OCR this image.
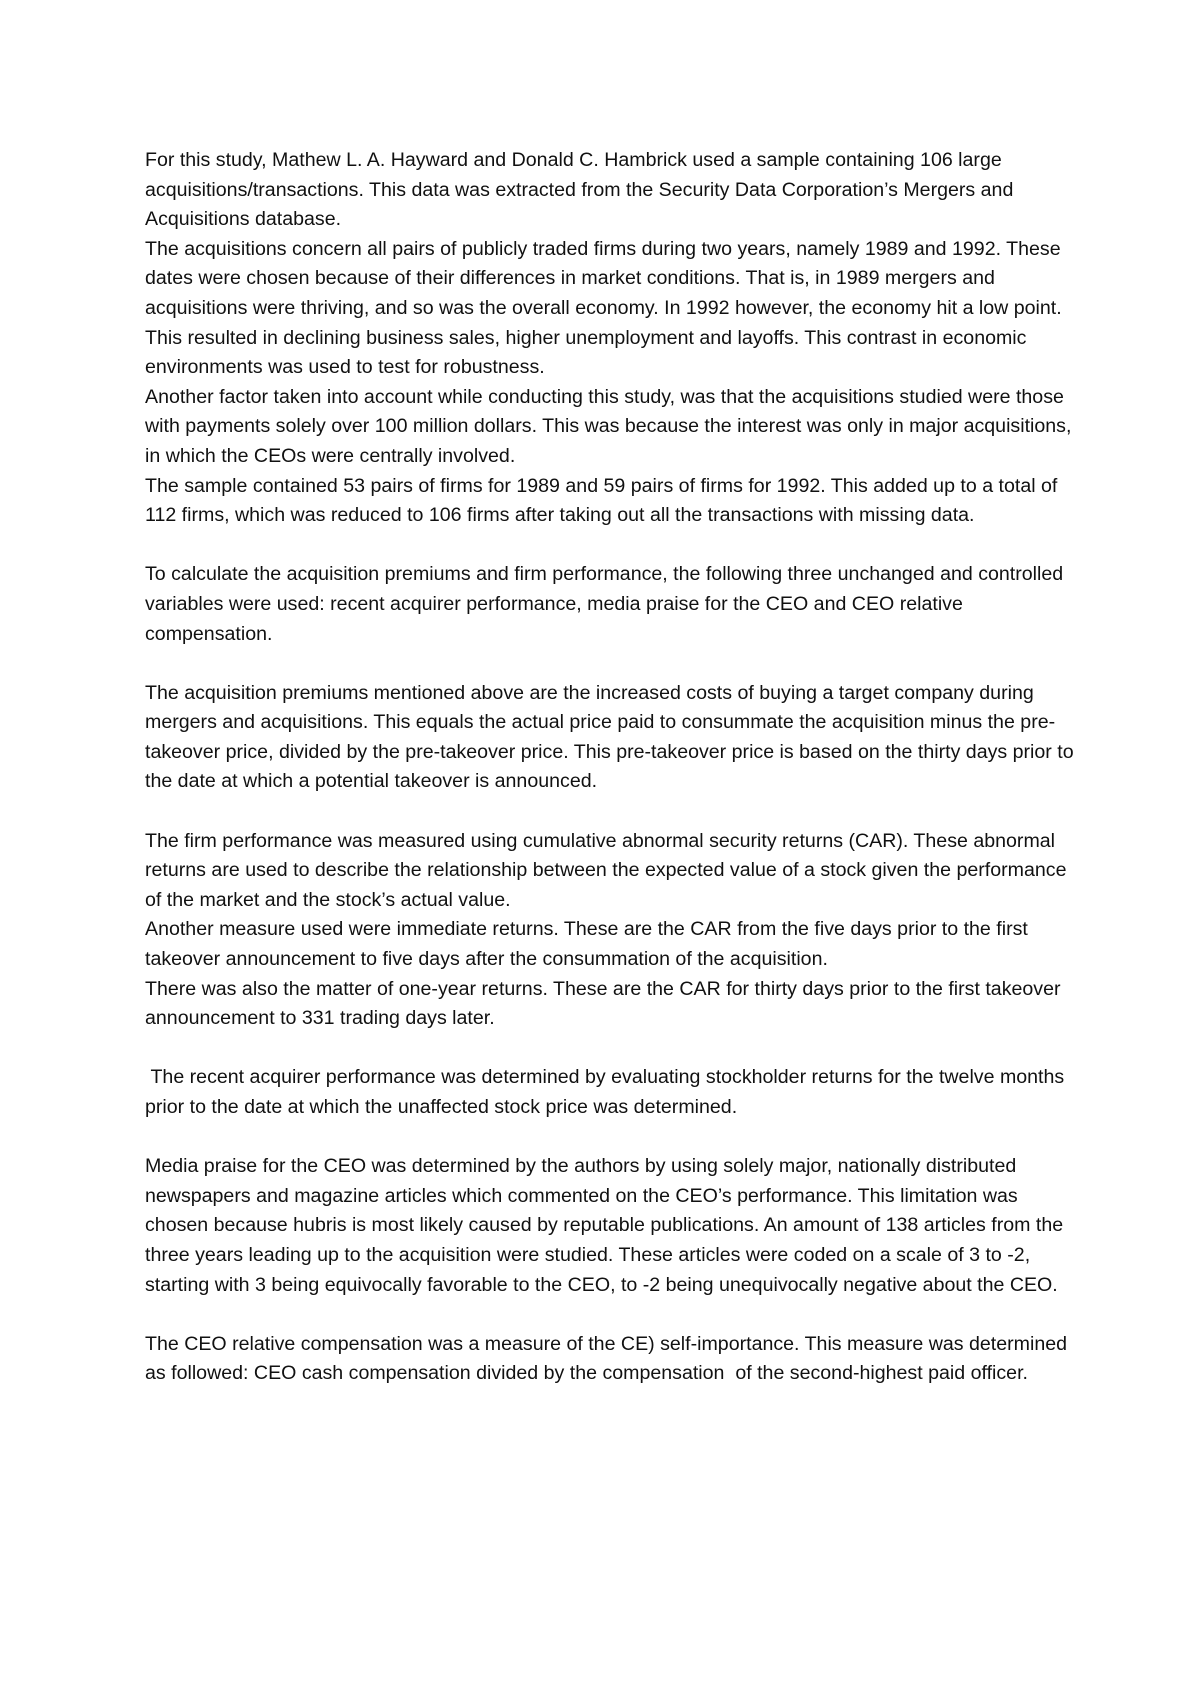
For this study, Mathew L. A. Hayward and Donald C. Hambrick used a sample containing 106 large acquisitions/transactions. This data was extracted from the Security Data Corporation’s Mergers and Acquisitions database.

The acquisitions concern all pairs of publicly traded firms during two years, namely 1989 and 1992. These dates were chosen because of their differences in market conditions. That is, in 1989 mergers and acquisitions were thriving, and so was the overall economy. In 1992 however, the economy hit a low point. This resulted in declining business sales, higher unemployment and layoffs. This contrast in economic environments was used to test for robustness.

Another factor taken into account while conducting this study, was that the acquisitions studied were those with payments solely over 100 million dollars. This was because the interest was only in major acquisitions, in which the CEOs were centrally involved.

The sample contained 53 pairs of firms for 1989 and 59 pairs of firms for 1992. This added up to a total of 112 firms, which was reduced to 106 firms after taking out all the transactions with missing data.

To calculate the acquisition premiums and firm performance, the following three unchanged and controlled variables were used: recent acquirer performance, media praise for the CEO and CEO relative compensation.

The acquisition premiums mentioned above are the increased costs of buying a target company during mergers and acquisitions. This equals the actual price paid to consummate the acquisition minus the pre-takeover price, divided by the pre-takeover price. This pre-takeover price is based on the thirty days prior to the date at which a potential takeover is announced.

The firm performance was measured using cumulative abnormal security returns (CAR). These abnormal returns are used to describe the relationship between the expected value of a stock given the performance of the market and the stock’s actual value.

Another measure used were immediate returns. These are the CAR from the five days prior to the first takeover announcement to five days after the consummation of the acquisition.

There was also the matter of one-year returns. These are the CAR for thirty days prior to the first takeover announcement to 331 trading days later.

The recent acquirer performance was determined by evaluating stockholder returns for the twelve months prior to the date at which the unaffected stock price was determined.

Media praise for the CEO was determined by the authors by using solely major, nationally distributed newspapers and magazine articles which commented on the CEO’s performance. This limitation was chosen because hubris is most likely caused by reputable publications. An amount of 138 articles from the three years leading up to the acquisition were studied. These articles were coded on a scale of 3 to -2, starting with 3 being equivocally favorable to the CEO, to -2 being unequivocally negative about the CEO.

The CEO relative compensation was a measure of the CE) self-importance. This measure was determined as followed: CEO cash compensation divided by the compensation  of the second-highest paid officer.
